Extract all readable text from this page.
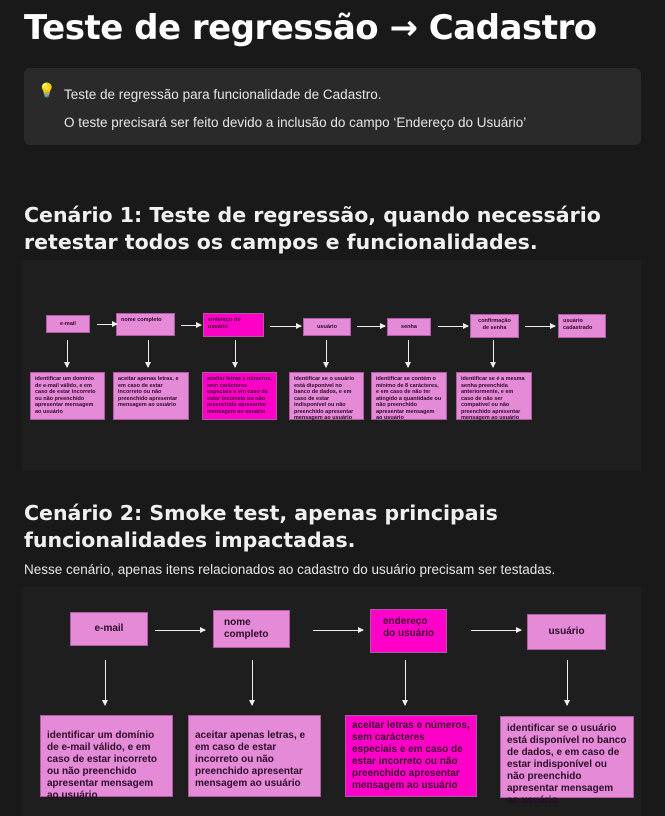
Teste de regressão → Cadastro
💡 Teste de regressão para funcionalidade de Cadastro.
O teste precisará ser feito devido a inclusão do campo ‘Endereço do Usuário’
Cenário 1: Teste de regressão, quando necessário retestar todos os campos e funcionalidades.
e-mail
nome completo	endereço do usuário	usuário	senha
confirmação de senha
usuário cadastrado
identificar um domínio de e-mail válido, e em caso de estar incorreto ou não preenchido apresentar mensagem ao usuário
aceitar apenas letras, e em caso de estar incorreto ou não preenchido apresentar mensagem ao usuário
aceitar letras e números, sem carácteres especiais e em caso de estar incorreto ou não preenchido apresentar mensagem ao usuário
identificar se o usuário está disponível no banco de dados, e em caso de estar indisponível ou não preenchido apresentar mensagem ao usuário
identificar se contém o mínimo de 8 carácteres, e em caso de não ter atingido a quantidade ou não preenchido apresentar mensagem ao usuário
identificar se é a mesma senha preenchida anteriormente, e em caso de não ser compatível ou não preenchido apresentar mensagem ao usuário
Cenário 2: Smoke test, apenas principais funcionalidades impactadas.
Nesse cenário, apenas itens relacionados ao cadastro do usuário precisam ser testadas.
e-mail
nome completo
endereço do usuário	usuário
identificar um domínio de e-mail válido, e em caso de estar incorreto ou não preenchido apresentar mensagem ao usuário
aceitar apenas letras, e em caso de estar incorreto ou não preenchido apresentar mensagem ao usuário
aceitar letras e números, sem carácteres especiais e em caso de estar incorreto ou não preenchido apresentar mensagem ao usuário
identificar se o usuário está disponível no banco de dados, e em caso de estar indisponível ou não preenchido apresentar mensagem ao usuário
